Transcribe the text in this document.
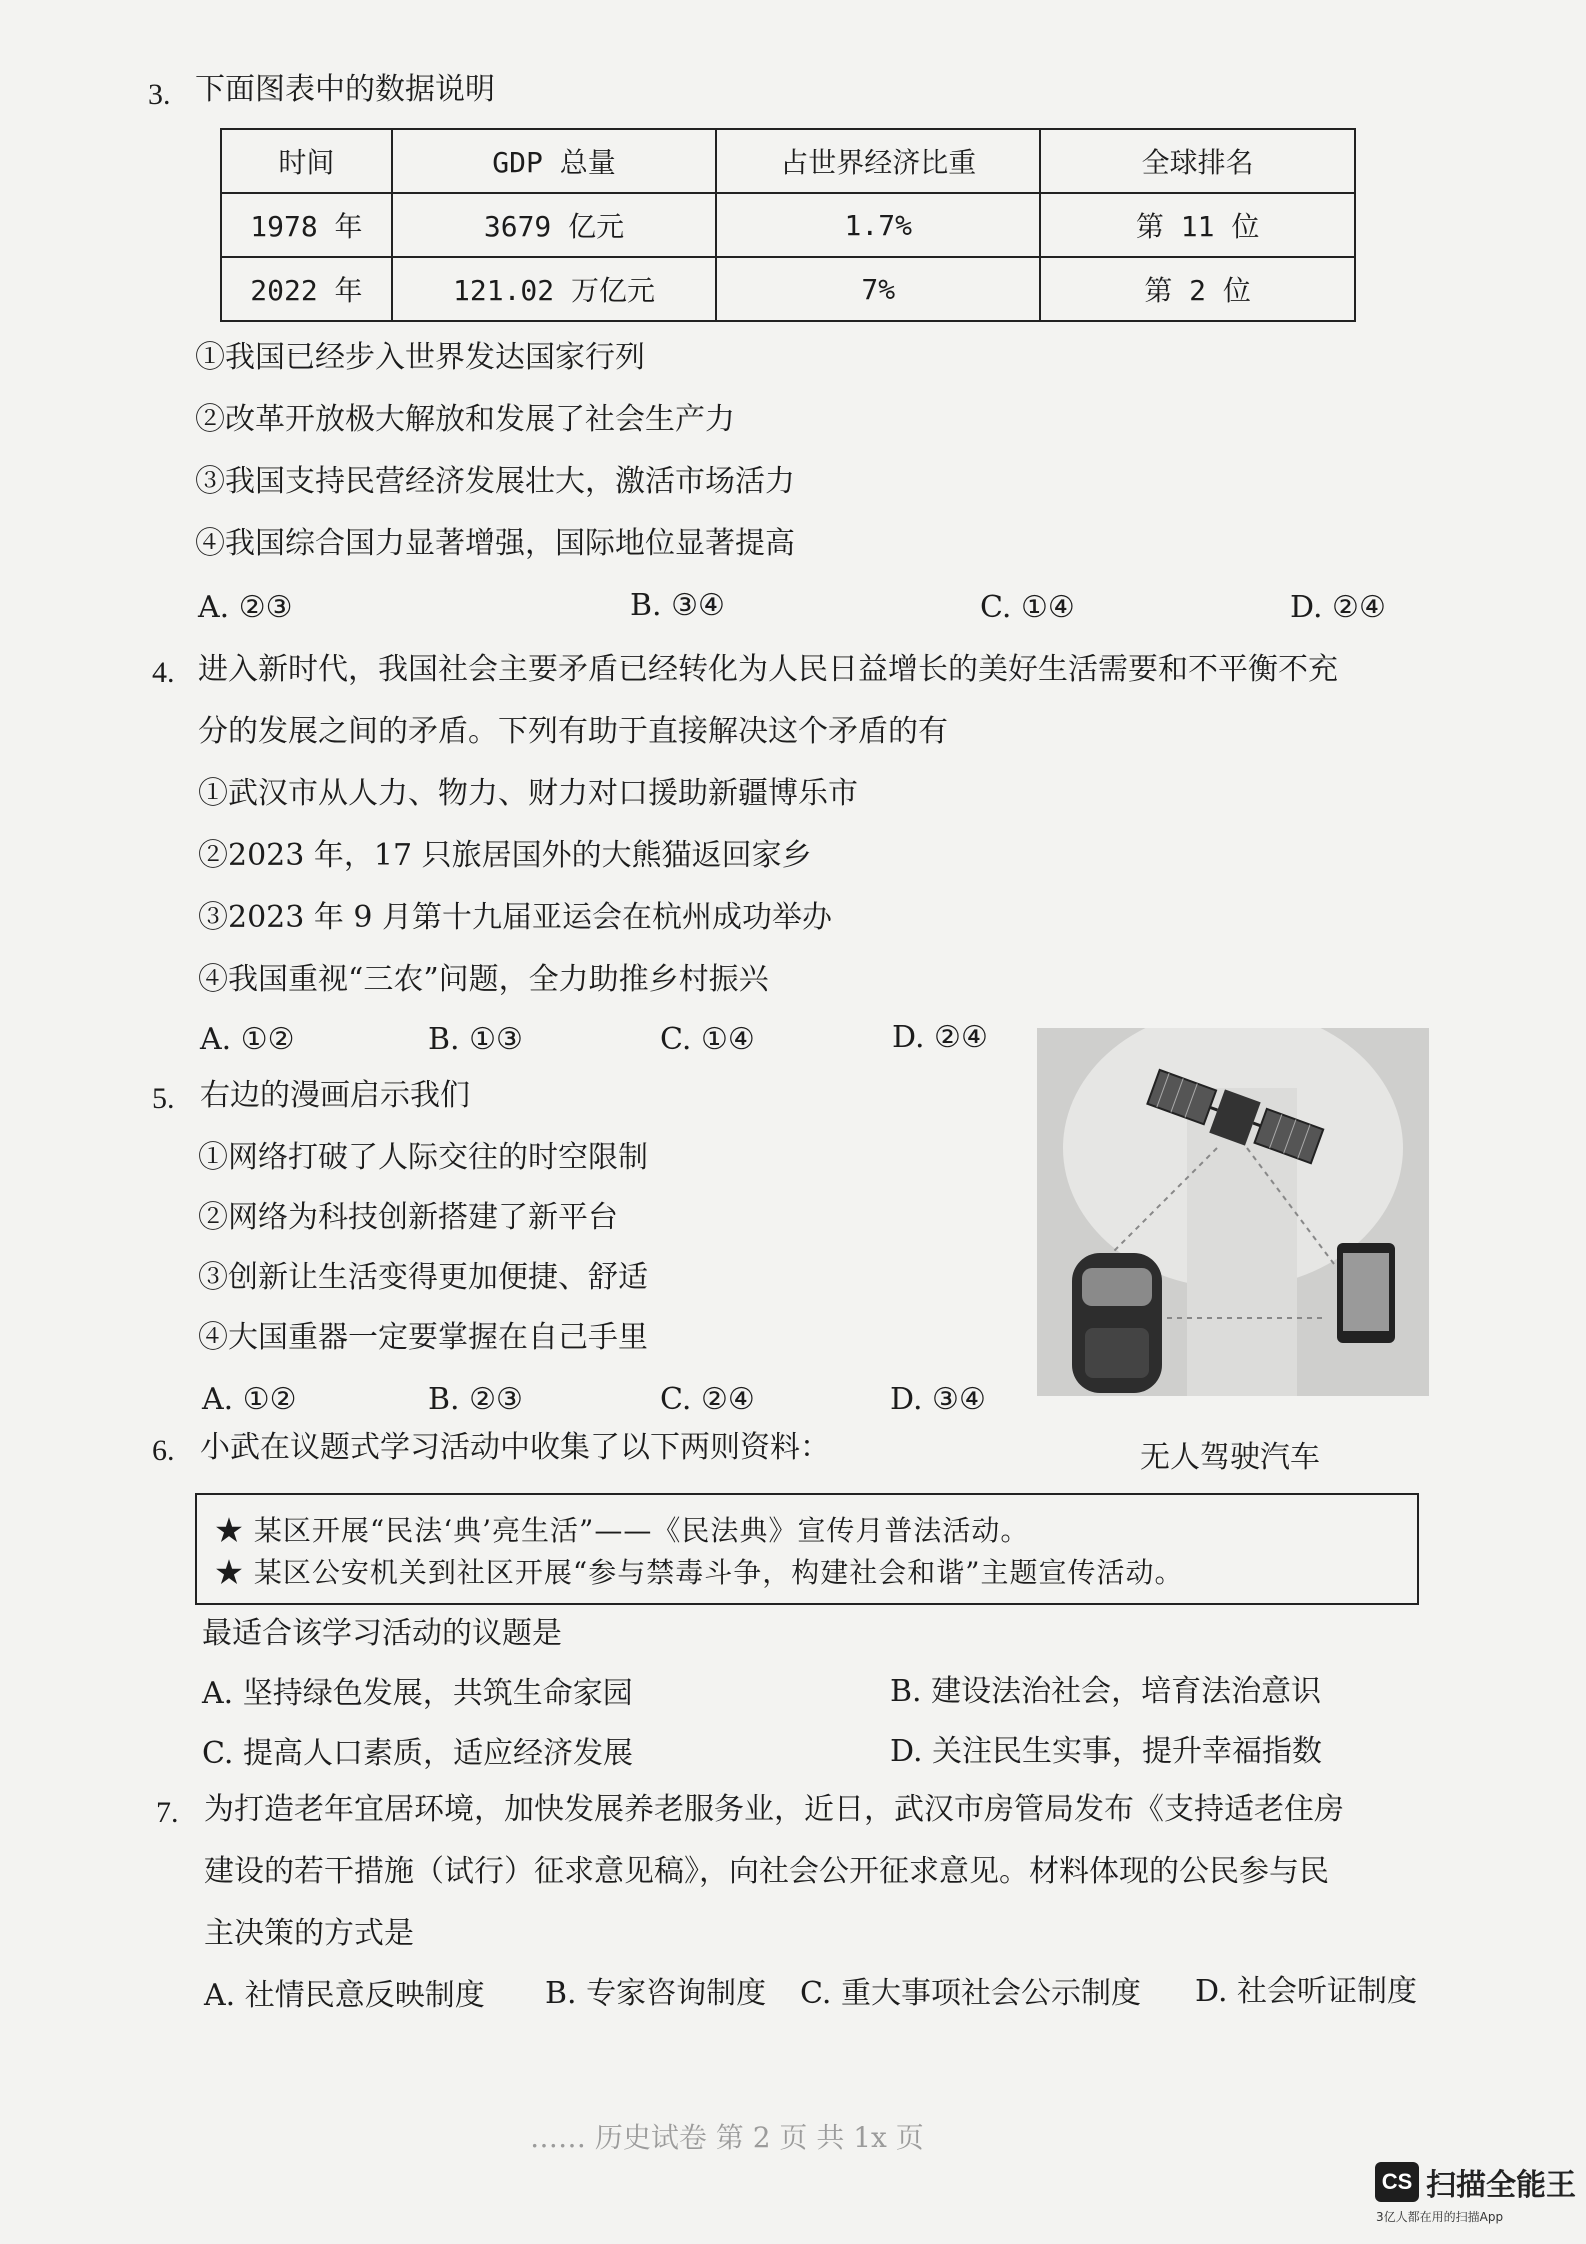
3. 下面图表中的数据说明
时间	GDP 总量	占世界经济比重	全球排名
1978 年	3679 亿元	1.7%	第 11 位
2022 年	121.02 万亿元	7%	第 2 位
①我国已经步入世界发达国家行列
②改革开放极大解放和发展了社会生产力
③我国支持民营经济发展壮大，激活市场活力
④我国综合国力显著增强，国际地位显著提高
A. ②③	B. ③④	C. ①④	D. ②④
4. 进入新时代，我国社会主要矛盾已经转化为人民日益增长的美好生活需要和不平衡不充
分的发展之间的矛盾。下列有助于直接解决这个矛盾的有
①武汉市从人力、物力、财力对口援助新疆博乐市
②2023 年，17 只旅居国外的大熊猫返回家乡
③2023 年 9 月第十九届亚运会在杭州成功举办
④我国重视“三农”问题，全力助推乡村振兴
A. ①②	B. ①③	C. ①④	D. ②④
5. 右边的漫画启示我们
①网络打破了人际交往的时空限制
②网络为科技创新搭建了新平台
③创新让生活变得更加便捷、舒适
④大国重器一定要掌握在自己手里
A. ①②	B. ②③	C. ②④	D. ③④
无人驾驶汽车
6. 小武在议题式学习活动中收集了以下两则资料：
★ 某区开展“民法‘典’亮生活”——《民法典》宣传月普法活动。
★ 某区公安机关到社区开展“参与禁毒斗争，构建社会和谐”主题宣传活动。
最适合该学习活动的议题是
A. 坚持绿色发展，共筑生命家园	B. 建设法治社会，培育法治意识
C. 提高人口素质，适应经济发展	D. 关注民生实事，提升幸福指数
7. 为打造老年宜居环境，加快发展养老服务业，近日，武汉市房管局发布《支持适老住房
建设的若干措施（试行）征求意见稿》，向社会公开征求意见。材料体现的公民参与民
主决策的方式是
A. 社情民意反映制度 B. 专家咨询制度 C. 重大事项社会公示制度 D. 社会听证制度
…… 历史试卷 第 2 页 共 1x 页
CS 扫描全能王
3亿人都在用的扫描App
